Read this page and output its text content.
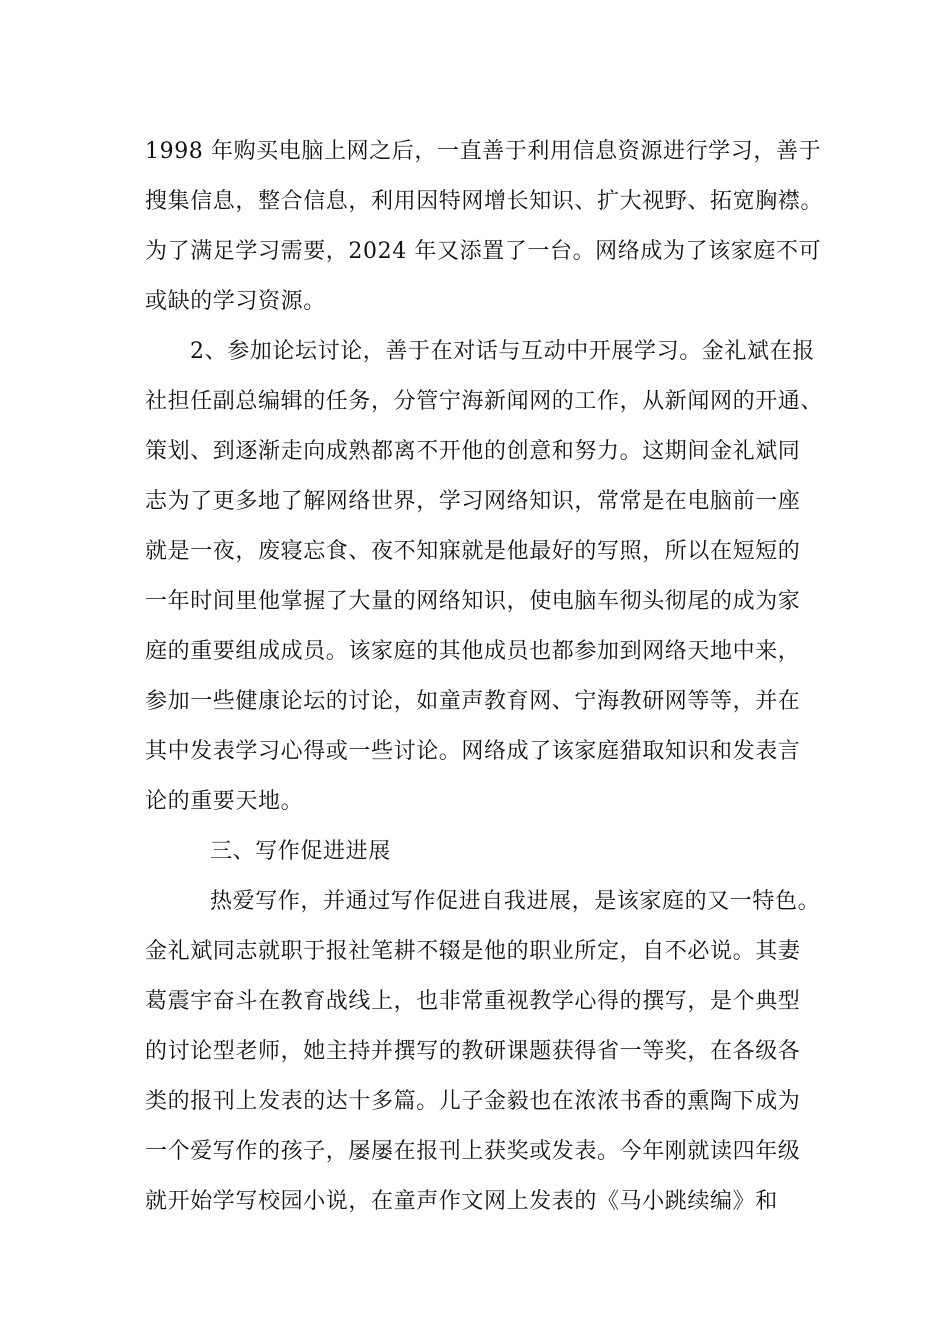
1998 年购买电脑上网之后，一直善于利用信息资源进行学习，善于
搜集信息，整合信息，利用因特网增长知识、扩大视野、拓宽胸襟。
为了满足学习需要，2024 年又添置了一台。网络成为了该家庭不可
或缺的学习资源。
2、参加论坛讨论，善于在对话与互动中开展学习。金礼斌在报
社担任副总编辑的任务，分管宁海新闻网的工作，从新闻网的开通、
策划、到逐渐走向成熟都离不开他的创意和努力。这期间金礼斌同
志为了更多地了解网络世界，学习网络知识，常常是在电脑前一座
就是一夜，废寝忘食、夜不知寐就是他最好的写照，所以在短短的
一年时间里他掌握了大量的网络知识，使电脑车彻头彻尾的成为家
庭的重要组成成员。该家庭的其他成员也都参加到网络天地中来，
参加一些健康论坛的讨论，如童声教育网、宁海教研网等等，并在
其中发表学习心得或一些讨论。网络成了该家庭猎取知识和发表言
论的重要天地。
三、写作促进进展
热爱写作，并通过写作促进自我进展，是该家庭的又一特色。
金礼斌同志就职于报社笔耕不辍是他的职业所定，自不必说。其妻
葛震宇奋斗在教育战线上，也非常重视教学心得的撰写，是个典型
的讨论型老师，她主持并撰写的教研课题获得省一等奖，在各级各
类的报刊上发表的达十多篇。儿子金毅也在浓浓书香的熏陶下成为
一个爱写作的孩子，屡屡在报刊上获奖或发表。今年刚就读四年级
就开始学写校园小说，在童声作文网上发表的《马小跳续编》和
